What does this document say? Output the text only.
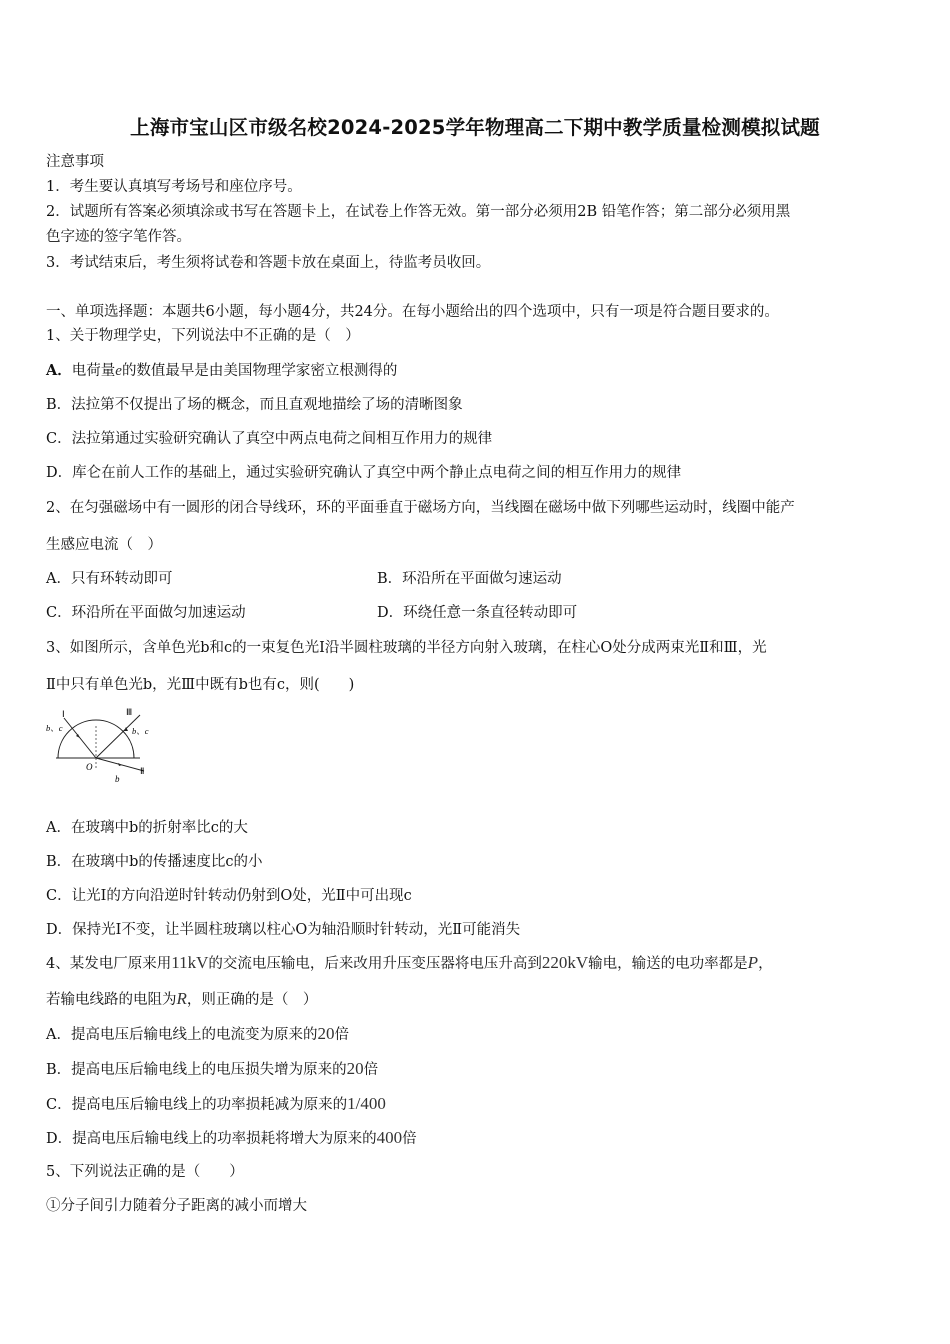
上海市宝山区市级名校2024-2025学年物理高二下期中教学质量检测模拟试题
注意事项
1．考生要认真填写考场号和座位序号。
2．试题所有答案必须填涂或书写在答题卡上，在试卷上作答无效。第一部分必须用2B 铅笔作答；第二部分必须用黑
色字迹的签字笔作答。
3．考试结束后，考生须将试卷和答题卡放在桌面上，待监考员收回。
一、单项选择题：本题共6小题，每小题4分，共24分。在每小题给出的四个选项中，只有一项是符合题目要求的。
1、关于物理学史，下列说法中不正确的是（　）
A．电荷量e的数值最早是由美国物理学家密立根测得的
B．法拉第不仅提出了场的概念，而且直观地描绘了场的清晰图象
C．法拉第通过实验研究确认了真空中两点电荷之间相互作用力的规律
D．库仑在前人工作的基础上，通过实验研究确认了真空中两个静止点电荷之间的相互作用力的规律
2、在匀强磁场中有一圆形的闭合导线环，环的平面垂直于磁场方向，当线圈在磁场中做下列哪些运动时，线圈中能产
生感应电流（　）
A．只有环转动即可	B．环沿所在平面做匀速运动
C．环沿所在平面做匀加速运动	D．环绕任意一条直径转动即可
3、如图所示，含单色光b和c的一束复色光Ⅰ沿半圆柱玻璃的半径方向射入玻璃，在柱心O处分成两束光Ⅱ和Ⅲ，光
Ⅱ中只有单色光b，光Ⅲ中既有b也有c，则(　　)
Ⅰ	Ⅲ
Ⅱ
b、c	b、c
O
b
A．在玻璃中b的折射率比c的大
B．在玻璃中b的传播速度比c的小
C．让光Ⅰ的方向沿逆时针转动仍射到O处，光Ⅱ中可出现c
D．保持光Ⅰ不变，让半圆柱玻璃以柱心O为轴沿顺时针转动，光Ⅱ可能消失
4、某发电厂原来用11kV的交流电压输电，后来改用升压变压器将电压升高到220kV输电，输送的电功率都是P，
若输电线路的电阻为R，则正确的是（　）
A．提高电压后输电线上的电流变为原来的20倍
B．提高电压后输电线上的电压损失增为原来的20倍
C．提高电压后输电线上的功率损耗减为原来的1/400
D．提高电压后输电线上的功率损耗将增大为原来的400倍
5、下列说法正确的是（　　）
①分子间引力随着分子距离的减小而增大
